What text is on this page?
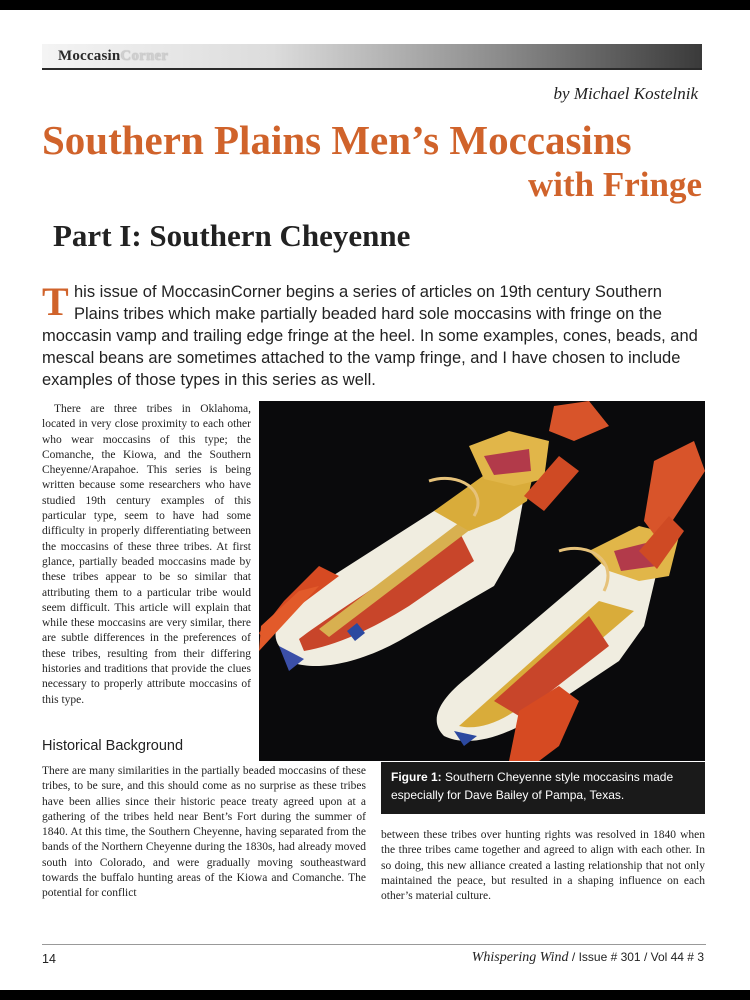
MoccasinCorner
by Michael Kostelnik
Southern Plains Men’s Moccasins
with Fringe
Part I: Southern Cheyenne
T his issue of MoccasinCorner begins a series of articles on 19th century Southern Plains tribes which make partially beaded hard sole moccasins with fringe on the moccasin vamp and trailing edge fringe at the heel. In some examples, cones, beads, and mescal beans are sometimes attached to the vamp fringe, and I have chosen to include examples of those types in this series as well.

There are three tribes in Oklahoma, located in very close proximity to each other who wear moccasins of this type; the Comanche, the Kiowa, and the Southern Cheyenne/Arapahoe. This series is being written because some researchers who have studied 19th century examples of this particular type, seem to have had some difficulty in properly differentiating between the moccasins of these three tribes. At first glance, partially beaded moccasins made by these tribes appear to be so similar that attributing them to a particular tribe would seem difficult. This article will explain that while these moccasins are very similar, there are subtle differences in the preferences of these tribes, resulting from their differing histories and traditions that provide the clues necessary to properly attribute moccasins of this type.

Figure 1: Southern Cheyenne style moccasins made especially for Dave Bailey of Pampa, Texas.
Historical Background

There are many similarities in the partially beaded moccasins of these tribes, to be sure, and this should come as no surprise as these tribes have been allies since their historic peace treaty agreed upon at a gathering of the tribes held near Bent’s Fort during the summer of 1840. At this time, the Southern Cheyenne, having separated from the bands of the Northern Cheyenne during the 1830s, had already moved south into Colorado, and were gradually moving southeastward towards the buffalo hunting areas of the Kiowa and Comanche. The potential for conflict

between these tribes over hunting rights was resolved in 1840 when the three tribes came together and agreed to align with each other. In so doing, this new alliance created a lasting relationship that not only maintained the peace, but resulted in a shaping influence on each other’s material culture.

14	Whispering Wind / Issue # 301 / Vol 44 # 3
